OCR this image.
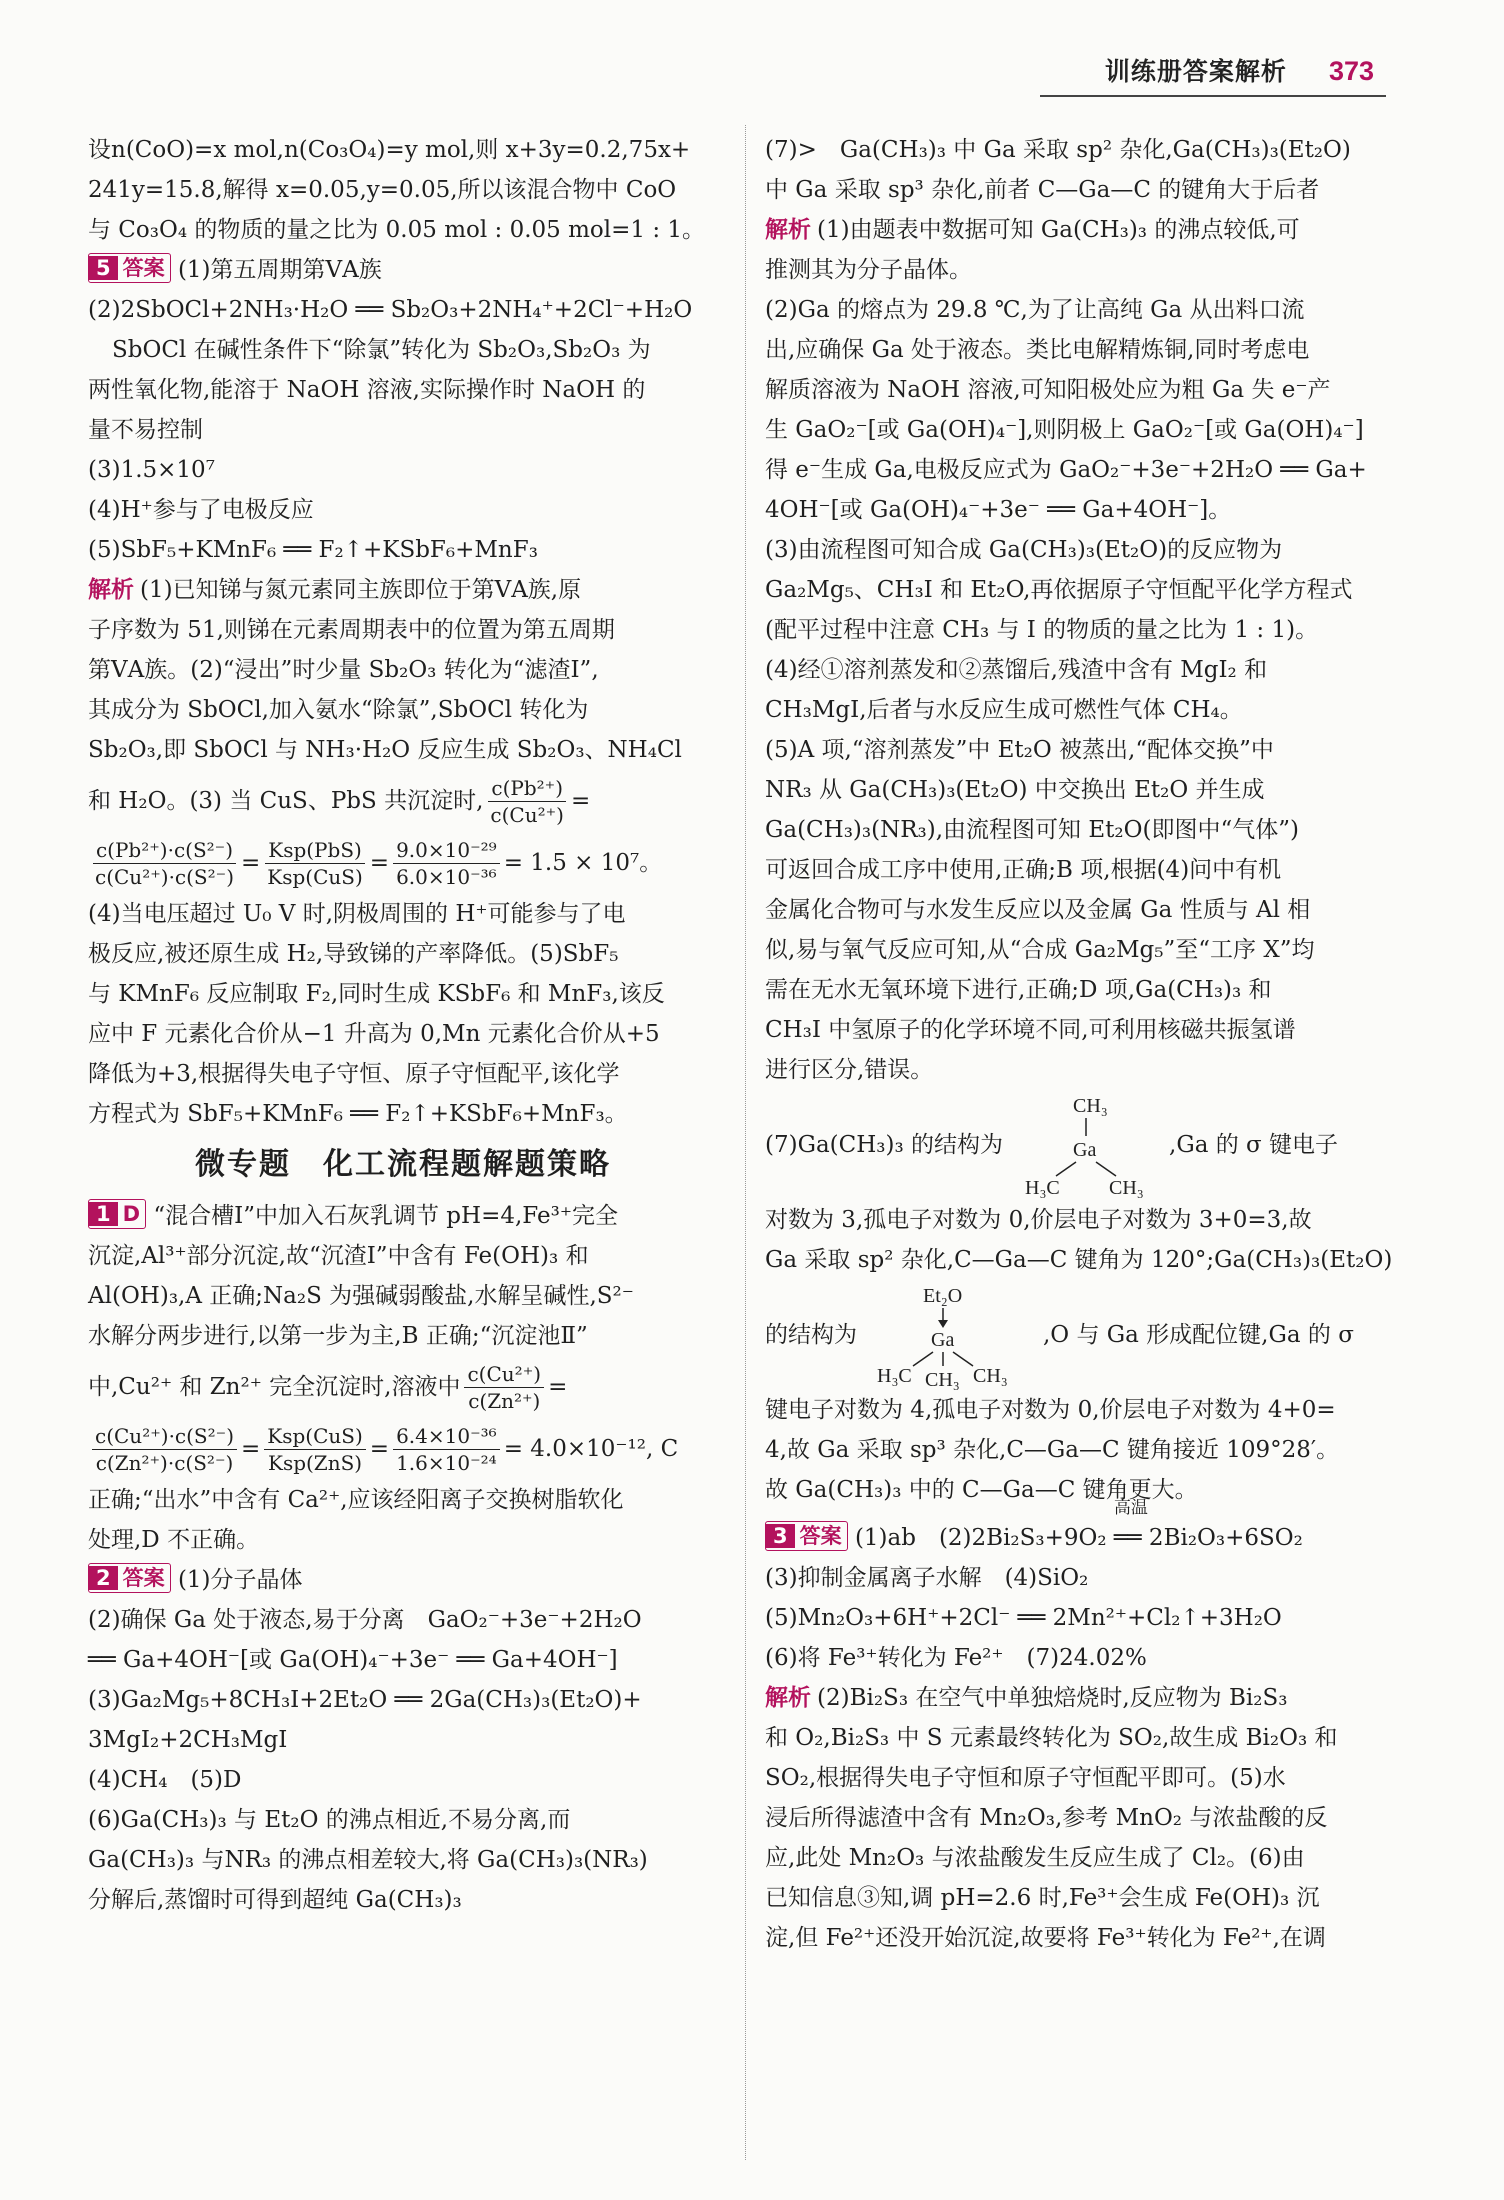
训练册答案解析 373
设n(CoO)=x mol,n(Co₃O₄)=y mol,则 x+3y=0.2,75x+
241y=15.8,解得 x=0.05,y=0.05,所以该混合物中 CoO
与 Co₃O₄ 的物质的量之比为 0.05 mol : 0.05 mol=1 : 1。
5 答案 (1)第五周期第ⅤA族
(2)2SbOCl+2NH₃·H₂O ══ Sb₂O₃+2NH₄⁺+2Cl⁻+H₂O
SbOCl 在碱性条件下“除氯”转化为 Sb₂O₃,Sb₂O₃ 为
两性氧化物,能溶于 NaOH 溶液,实际操作时 NaOH 的
量不易控制
(3)1.5×10⁷
(4)H⁺参与了电极反应
(5)SbF₅+KMnF₆ ══ F₂↑+KSbF₆+MnF₃
解析 (1)已知锑与氮元素同主族即位于第ⅤA族,原
子序数为 51,则锑在元素周期表中的位置为第五周期
第ⅤA族。(2)“浸出”时少量 Sb₂O₃ 转化为“滤渣Ⅰ”,
其成分为 SbOCl,加入氨水“除氯”,SbOCl 转化为
Sb₂O₃,即 SbOCl 与 NH₃·H₂O 反应生成 Sb₂O₃、NH₄Cl
和 H₂O。(3) 当 CuS、PbS 共沉淀时, $\frac{\text{c(Pb²⁺)}}{\text{c(Cu²⁺)}}$ =
$\frac{\text{c(Pb²⁺)·c(S²⁻)}}{\text{c(Cu²⁺)·c(S²⁻)}} = \frac{\text{Ksp(PbS)}}{\text{Ksp(CuS)}} = \frac{\text{9.0×10⁻²⁹}}{\text{6.0×10⁻³⁶}} = 1.5 \times 10^7$。
(4)当电压超过 U₀ V 时,阴极周围的 H⁺可能参与了电
极反应,被还原生成 H₂,导致锑的产率降低。(5)SbF₅
与 KMnF₆ 反应制取 F₂,同时生成 KSbF₆ 和 MnF₃,该反
应中 F 元素化合价从−1 升高为 0,Mn 元素化合价从+5
降低为+3,根据得失电子守恒、原子守恒配平,该化学
方程式为 SbF₅+KMnF₆ ══ F₂↑+KSbF₆+MnF₃。
微专题　化工流程题解题策略
1 D “混合槽Ⅰ”中加入石灰乳调节 pH=4,Fe³⁺完全
沉淀,Al³⁺部分沉淀,故“沉渣Ⅰ”中含有 Fe(OH)₃ 和
Al(OH)₃,A 正确;Na₂S 为强碱弱酸盐,水解呈碱性,S²⁻
水解分两步进行,以第一步为主,B 正确;“沉淀池Ⅱ”
中,Cu²⁺ 和 Zn²⁺ 完全沉淀时,溶液中 $\frac{\text{c(Cu²⁺)}}{\text{c(Zn²⁺)}}$ =
$\frac{\text{c(Cu²⁺)·c(S²⁻)}}{\text{c(Zn²⁺)·c(S²⁻)}} = \frac{\text{Ksp(CuS)}}{\text{Ksp(ZnS)}} = \frac{\text{6.4×10⁻³⁶}}{\text{1.6×10⁻²⁴}} = 4.0\times 10^{-12}$, C
正确;“出水”中含有 Ca²⁺,应该经阳离子交换树脂软化
处理,D 不正确。
2 答案 (1)分子晶体
(2)确保 Ga 处于液态,易于分离　GaO₂⁻+3e⁻+2H₂O
══ Ga+4OH⁻[或 Ga(OH)₄⁻+3e⁻ ══ Ga+4OH⁻]
(3)Ga₂Mg₅+8CH₃I+2Et₂O ══ 2Ga(CH₃)₃(Et₂O)+
3MgI₂+2CH₃MgI
(4)CH₄　(5)D
(6)Ga(CH₃)₃ 与 Et₂O 的沸点相近,不易分离,而
Ga(CH₃)₃ 与NR₃ 的沸点相差较大,将 Ga(CH₃)₃(NR₃)
分解后,蒸馏时可得到超纯 Ga(CH₃)₃
(7)>　Ga(CH₃)₃ 中 Ga 采取 sp² 杂化,Ga(CH₃)₃(Et₂O)
中 Ga 采取 sp³ 杂化,前者 C—Ga—C 的键角大于后者
解析 (1)由题表中数据可知 Ga(CH₃)₃ 的沸点较低,可
推测其为分子晶体。
(2)Ga 的熔点为 29.8 ℃,为了让高纯 Ga 从出料口流
出,应确保 Ga 处于液态。类比电解精炼铜,同时考虑电
解质溶液为 NaOH 溶液,可知阳极处应为粗 Ga 失 e⁻产
生 GaO₂⁻[或 Ga(OH)₄⁻],则阴极上 GaO₂⁻[或 Ga(OH)₄⁻]
得 e⁻生成 Ga,电极反应式为 GaO₂⁻+3e⁻+2H₂O ══ Ga+
4OH⁻[或 Ga(OH)₄⁻+3e⁻ ══ Ga+4OH⁻]。
(3)由流程图可知合成 Ga(CH₃)₃(Et₂O)的反应物为
Ga₂Mg₅、CH₃I 和 Et₂O,再依据原子守恒配平化学方程式
(配平过程中注意 CH₃ 与 I 的物质的量之比为 1 : 1)。
(4)经①溶剂蒸发和②蒸馏后,残渣中含有 MgI₂ 和
CH₃MgI,后者与水反应生成可燃性气体 CH₄。
(5)A 项,“溶剂蒸发”中 Et₂O 被蒸出,“配体交换”中
NR₃ 从 Ga(CH₃)₃(Et₂O) 中交换出 Et₂O 并生成
Ga(CH₃)₃(NR₃),由流程图可知 Et₂O(即图中“气体”)
可返回合成工序中使用,正确;B 项,根据(4)问中有机
金属化合物可与水发生反应以及金属 Ga 性质与 Al 相
似,易与氧气反应可知,从“合成 Ga₂Mg₅”至“工序 X”均
需在无水无氧环境下进行,正确;D 项,Ga(CH₃)₃ 和
CH₃I 中氢原子的化学环境不同,可利用核磁共振氢谱
进行区分,错误。
(7)Ga(CH₃)₃ 的结构为
CH₃
Ga
H₃C CH₃
,Ga 的 σ 键电子
对数为 3,孤电子对数为 0,价层电子对数为 3+0=3,故
Ga 采取 sp² 杂化,C—Ga—C 键角为 120°;Ga(CH₃)₃(Et₂O)
的结构为
Et₂O
Ga
H₃C CH₃ CH₃
,O 与 Ga 形成配位键,Ga 的 σ
键电子对数为 4,孤电子对数为 0,价层电子对数为 4+0=
4,故 Ga 采取 sp³ 杂化,C—Ga—C 键角接近 109°28′。
故 Ga(CH₃)₃ 中的 C—Ga—C 键角更大。
3 答案 (1)ab　(2)2Bi₂S₃+9O₂
高温
══ 2Bi₂O₃+6SO₂
(3)抑制金属离子水解　(4)SiO₂
(5)Mn₂O₃+6H⁺+2Cl⁻ ══ 2Mn²⁺+Cl₂↑+3H₂O
(6)将 Fe³⁺转化为 Fe²⁺　(7)24.02%
解析 (2)Bi₂S₃ 在空气中单独焙烧时,反应物为 Bi₂S₃
和 O₂,Bi₂S₃ 中 S 元素最终转化为 SO₂,故生成 Bi₂O₃ 和
SO₂,根据得失电子守恒和原子守恒配平即可。(5)水
浸后所得滤渣中含有 Mn₂O₃,参考 MnO₂ 与浓盐酸的反
应,此处 Mn₂O₃ 与浓盐酸发生反应生成了 Cl₂。(6)由
已知信息③知,调 pH=2.6 时,Fe³⁺会生成 Fe(OH)₃ 沉
淀,但 Fe²⁺还没开始沉淀,故要将 Fe³⁺转化为 Fe²⁺,在调
